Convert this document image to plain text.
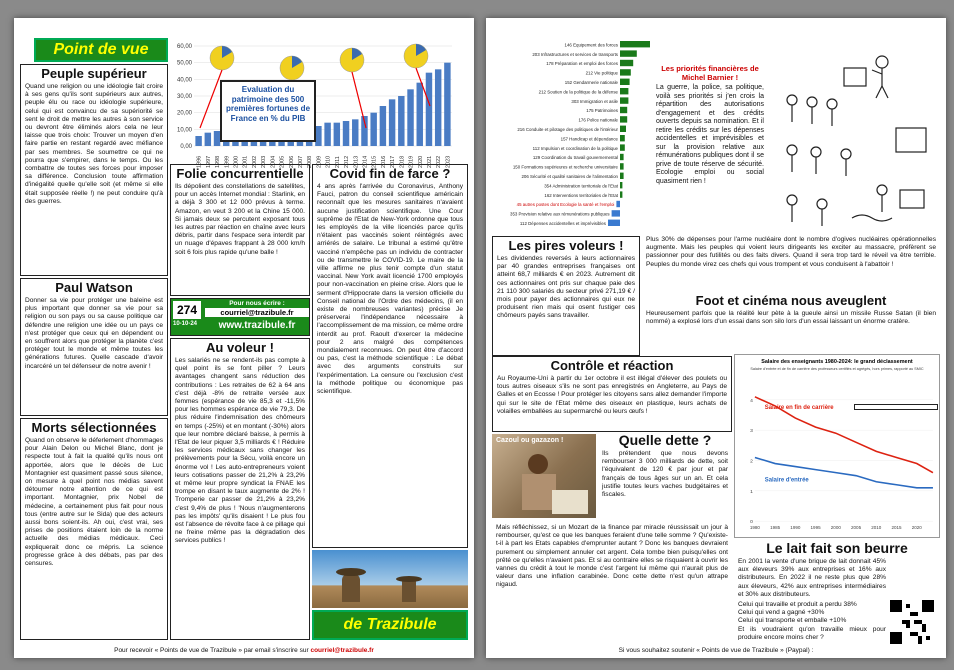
Point de vue
0,00
10,00
20,00
30,00
40,00
50,00
60,00
1996 1997 1998 1999 2000 2001 2002 2003 2004 2005 2006 2007 2008 2009 2010 2011 2012 2013 2014 2015 2016 2017 2018 2019 2020 2021 2022 2023
Evaluation du patrimoine des 500 premières fortunes de France en % du PIB
Peuple supérieur
Quand une religion ou une idéologie fait croire à ses gens qu'ils sont supérieurs aux autres, peuple élu ou race ou idéologie supérieure, celui qui est convaincu de sa supériorité se sent le droit de mettre les autres à son service ou devront être éliminés alors cela ne leur laisse que trois choix: Trouver un moyen d'en faire partie en restant regardé avec méfiance par ses membres. Se soumettre ce qui ne pourra que s'empirer, dans le temps. Ou les combattre de toutes ses forces pour imposer sa différence. Conclusion toute affirmation d'inégalité quelle qu'elle soit (et même si elle était supposée réelle !) ne peut conduire qu'à des guerres.
Paul Watson
Donner sa vie pour protéger une baleine est plus important que donner sa vie pour sa religion ou son pays ou sa cause politique car défendre une religion une idée ou un pays ce n'est protéger que ceux qui en dépendent ou en souffrent alors que protéger la planète c'est protéger tout le monde et même toutes les générations futures. Quelle cascade d'avoir incarcéré un tel défenseur de notre avenir !
Morts sélectionnées
Quand on observe le déferlement d'hommages pour Alain Delon ou Michel Blanc, dont je respecte tout à fait la qualité qu'ils nous ont apportée, alors que le décès de Luc Montagnier est quasiment passé sous silence, on mesure à quel point nos médias savent détourner notre attention de ce qui est important. Montagnier, prix Nobel de médecine, a certainement plus fait pour nous tous (entre autre sur le Sida) que des acteurs aussi bons soient-ils. Ah oui, c'est vrai, ses prises de positions étaient loin de la norme actuelle des médias médicaux. Ceci expliquerait donc ce mépris. La science progresse grâce à des débats, pas par des censures.
Folie concurrentielle
Ils dépolient des constellations de satellites, pour un accès Internet mondial : Starlink, en a déjà 3 300 et 12 000 prévus à terme. Amazon, en veut 3 200 et la Chine 15 000. Si jamais deux se percutent exposant tous les autres par réaction en chaîne avec leurs débris, partir dans l'espace sera interdit par un nuage d'épaves frappant à 28 000 km/h soit 6 fois plus rapide qu'une balle !
274
10-10-24
Pour nous écrire :
courriel@trazibule.fr
www.trazibule.fr
Au voleur !
Les salariés ne se rendent-ils pas compte à quel point ils se font piller ? Leurs avantages changent sans réduction des contributions : Les retraites de 62 à 64 ans c'est déjà -8% de retraite versée aux femmes (espérance de vie 85,3 et -11,5% pour les hommes espérance de vie 79,3. De plus réduire l'indemnisation des chômeurs en temps (-25%) et en montant (-30%) alors que leur nombre déclaré baisse, à permis à l'Etat de leur piquer 3,5 milliards € ! Réduire les services médicaux sans changer les prélèvements pour la Sécu, voilà encore un énorme vol ! Les auto-entrepreneurs voient leurs cotisations passer de 21,2% à 23,2% et même leur propre syndicat la FNAE les trompe en disant le taux augmente de 2% ! Tromperie car passer de 21,2% à 23,2% c'est 9,4% de plus ! 'Nous n'augmenterons pas les impôts' qu'ils disaient ! Le plus fou est l'absence de révolte face à ce pillage qui ne freine même pas la dégradation des services publics !
Covid fin de farce ?
4 ans après l'arrivée du Coronavirus, Anthony Fauci, patron du conseil scientifique américain reconnaît que les mesures sanitaires n'avaient aucune justification scientifique. Une Cour suprême de l'Etat de New-York ordonne que tous les employés de la ville licenciés parce qu'ils n'étaient pas vaccinés soient réintégrés avec arriérés de salaire. Le tribunal a estimé qu'être vacciné n'empêche pas un individu de contracter ou de transmettre le COVID-19. Le maire de la ville affirme ne plus tenir compte d'un statut vaccinal. New York avait licencié 1700 employés pour non-vaccination en pleine crise. Alors que le serment d'Hippocrate dans la version officielle du Conseil national de l'Ordre des médecins, (il en existe de nombreuses variantes) précise Je préserverai l'indépendance nécessaire à l'accomplissement de ma mission, ce même ordre interdit au prof. Raoult d'exercer la médecine pour 2 ans malgré des compétences mondialement reconnues. On peut être d'accord ou pas, c'est la méthode scientifique : Le débat avec des arguments construits sur l'expérimentation. La censure ou l'exclusion c'est la méthode politique ou économique pas scientifique.
de Trazibule
Pour recevoir « Points de vue de Trazibule » par email s'inscrire sur courriel@trazibule.fr
146 Equipement des forces
203 Infrastructures et services de transports
178 Préparation et emploi des forces
212 Vie politique
152 Gendarmerie nationale
212 Soutien de la politique de la défense
303 Immigration et asile
175 Patrimoines
176 Police nationale
216 Conduite et pilotage des politiques de l'intérieur
157 Handicap et dépendance
112 Impulsion et coordination de la politique
129 Coordination du travail gouvernemental
150 Formations supérieures et recherche universitaire
206 Sécurité et qualité sanitaires de l'alimentation
354 Administration territoriale de l'Etat
162 Interventions territoriales de l'Etat
45 autres postes dont Ecologie la santé et l'emploi
353 Provision relative aux rémunérations publiques
112 Dépenses accidentelles et imprévisibles
Les priorités financières de Michel Barnier !
La guerre, la police, sa politique, voilà ses priorités si j'en crois la répartition des autorisations d'engagement et des crédits ouverts depuis sa nomination. Et il retire les crédits sur les dépenses accidentelles et imprévisibles et sur la provision relative aux rémunérations publiques dont il se prive de toute réserve de sécurité. Ecologie emploi ou social quasiment rien !
Les pires voleurs !
Les dividendes reversés à leurs actionnaires par 40 grandes entreprises françaises ont atteint 68,7 milliards € en 2023. Autrement dit ces actionnaires ont pris sur chaque paie des 21 110 300 salariés du secteur privé 271,19 € / mois pour payer des actionnaires qui eux ne produisent rien mais qui osent fustiger ces chômeurs payés sans travailler.
Plus 30% de dépenses pour l'arme nucléaire dont le nombre d'ogives nucléaires opérationnelles augmente. Mais les peuples qui voient leurs dirigeants les exciter au massacre, préfèrent se passionner pour des futilités ou des faits divers. Quand il sera trop tard le réveil va être terrible. Peuples du monde virez ces chefs qui vous trompent et vous conduisent à l'abattoir !
Foot et cinéma nous aveuglent
Heureusement parfois que la réalité leur pète à la gueule ainsi un missile Russe Satan (il bien nommé) a explosé lors d'un essai dans son silo lors d'un essai laissant un énorme cratère.
Contrôle et réaction
Au Royaume-Uni à partir du 1er octobre il est illégal d'élever des poulets ou tous autres oiseaux s'ils ne sont pas enregistrés en Angleterre, au Pays de Galles et en Ecosse ! Pour protéger les citoyens sans allez demander l'importe qui sur le site de l'Etat même des oiseaux en plastique, leurs achats de volailles emballées au supermarché ou leurs œufs !
Cazoul ou gazazon !	Quelle dette ?
Ils prétendent que nous devons rembourser 3 000 milliards de dette, soit l'équivalent de 120 € par jour et par français de tous âges sur un an. Et cela justifie toutes leurs vaches budgétaires et fiscales.
Mais réfléchissez, si un Mozart de la finance par miracle réussissait un jour à rembourser, qu'est ce que les banques feraient d'une telle somme ? Qu'existe-t-il à part les Etats capables d'emprunter autant ? Donc les banques devraient purement ou simplement annuler cet argent. Cela tombe bien puisqu'elles ont prêté ce qu'elles n'avaient pas. Et si au contraire elles se risquaient à ouvrir les vannes du crédit à tout le monde c'est l'argent lui même qui n'aurait plus de valeur dans une inflation carabinée. Donc cette dette n'est qu'un attrape nigaud.
Salaire des enseignants 1980-2024: le grand déclassement
Salaire d'entrée et de fin de carrière des professeurs certifiés et agrégés, hors primes, rapporté au SMIC
0
1
2
3
4
1980 1985 1990 1995 2000 2005 2010 2015 2020
Salaire en fin de carrière
Salaire d'entrée
Le lait fait son beurre
En 2001 la vente d'une brique de lait donnait 45% aux éleveurs 39% aux entreprises et 16% aux distributeurs. En 2022 il ne reste plus que 28% aux éleveurs, 42% aux entreprises intermédiaires et 30% aux distributeurs.
Celui qui travaille et produit a perdu 38%
Celui qui vend a gagné +30%
Celui qui transporte et emballe +10%
Et ils voudraient qu'on travaille mieux pour produire encore moins cher ?
Si vous souhaitez soutenir « Points de vue de Trazibule » (Paypal) :
